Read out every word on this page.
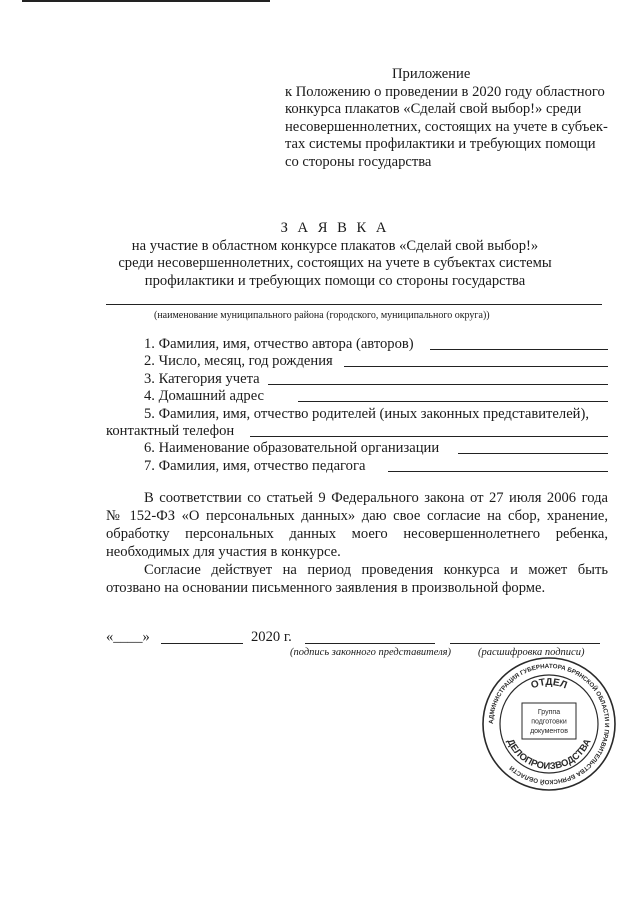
Приложение
к Положению о проведении в 2020 году областного
конкурса плакатов «Сделай свой выбор!» среди
несовершеннолетних, состоящих на учете в субъек-
тах системы профилактики и требующих помощи
со стороны государства
З А Я В К А
на участие в областном конкурсе плакатов «Сделай свой выбор!»
среди несовершеннолетних, состоящих на учете в субъектах системы
профилактики и требующих помощи со стороны государства
(наименование муниципального района (городского, муниципального округа))
1. Фамилия, имя, отчество автора (авторов)
2. Число, месяц, год рождения
3. Категория учета
4. Домашний адрес
5. Фамилия, имя, отчество родителей (иных законных представителей),
контактный телефон
6. Наименование образовательной организации
7. Фамилия, имя, отчество педагога
В соответствии со статьей 9 Федерального закона от 27 июля 2006 года
№ 152-ФЗ «О персональных данных» даю свое согласие на сбор, хранение,
обработку персональных данных моего несовершеннолетнего ребенка,
необходимых для участия в конкурсе.
Согласие действует на период проведения конкурса и может быть
отозвано на основании письменного заявления в произвольной форме.
«____»	2020 г.
(подпись законного представителя)	(расшифровка подписи)
АДМИНИСТРАЦИЯ ГУБЕРНАТОРА БРЯНСКОЙ ОБЛАСТИ И ПРАВИТЕЛЬСТВА БРЯНСКОЙ ОБЛАСТИ
ОТДЕЛ
ДЕЛОПРОИЗВОДСТВА
Группа
подготовки
документов
